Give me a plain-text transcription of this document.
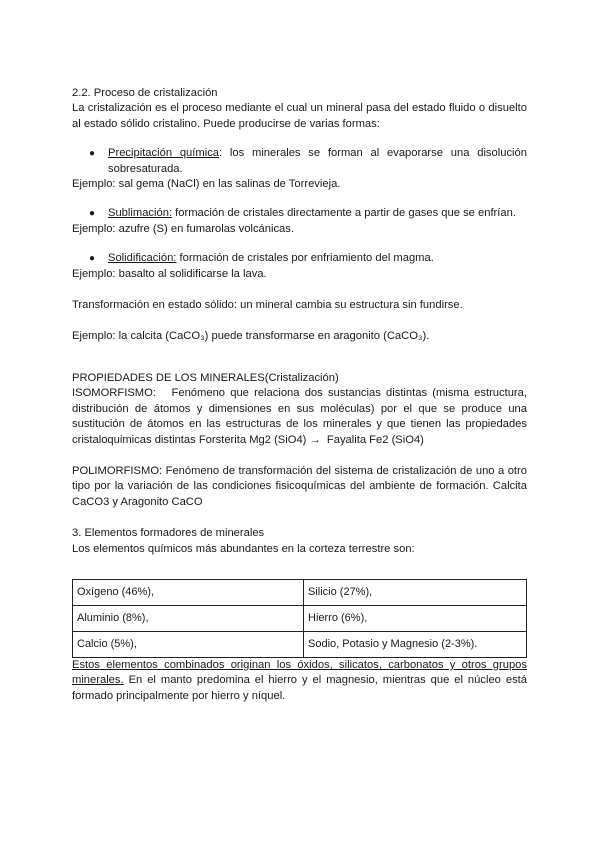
2.2. Proceso de cristalización
La cristalización es el proceso mediante el cual un mineral pasa del estado fluido o disuelto
al estado sólido cristalino. Puede producirse de varias formas:
● Precipitación química: los minerales se forman al evaporarse una disolución
sobresaturada.
Ejemplo: sal gema (NaCl) en las salinas de Torrevieja.
● Sublimación: formación de cristales directamente a partir de gases que se enfrían.
Ejemplo: azufre (S) en fumarolas volcánicas.
● Solidificación: formación de cristales por enfriamiento del magma.
Ejemplo: basalto al solidificarse la lava.
Transformación en estado sólido: un mineral cambia su estructura sin fundirse.
Ejemplo: la calcita (CaCO₃) puede transformarse en aragonito (CaCO₃).
PROPIEDADES DE LOS MINERALES(Cristalización)
ISOMORFISMO:   Fenómeno que relaciona dos sustancias distintas (misma estructura,
distribución de átomos y dimensiones en sus moléculas) por el que se produce una
sustitución de átomos en las estructuras de los minerales y que tienen las propiedades
cristaloquimicas distintas Forsterita Mg2 (SiO4) →  Fayalita Fe2 (SiO4)
POLIMORFISMO: Fenómeno de transformación del sistema de cristalización de uno a otro
tipo por la variación de las condiciones fisicoquímicas del ambiente de formación. Calcita
CaCO3 y Aragonito CaCO
3. Elementos formadores de minerales
Los elementos químicos más abundantes en la corteza terrestre son:
Oxígeno (46%),	Silicio (27%),
Aluminio (8%),	Hierro (6%),
Calcio (5%),	Sodio, Potasio y Magnesio (2-3%).
Estos elementos combinados originan los óxidos, silicatos, carbonatos y otros grupos
minerales. En el manto predomina el hierro y el magnesio, mientras que el núcleo está
formado principalmente por hierro y níquel.
